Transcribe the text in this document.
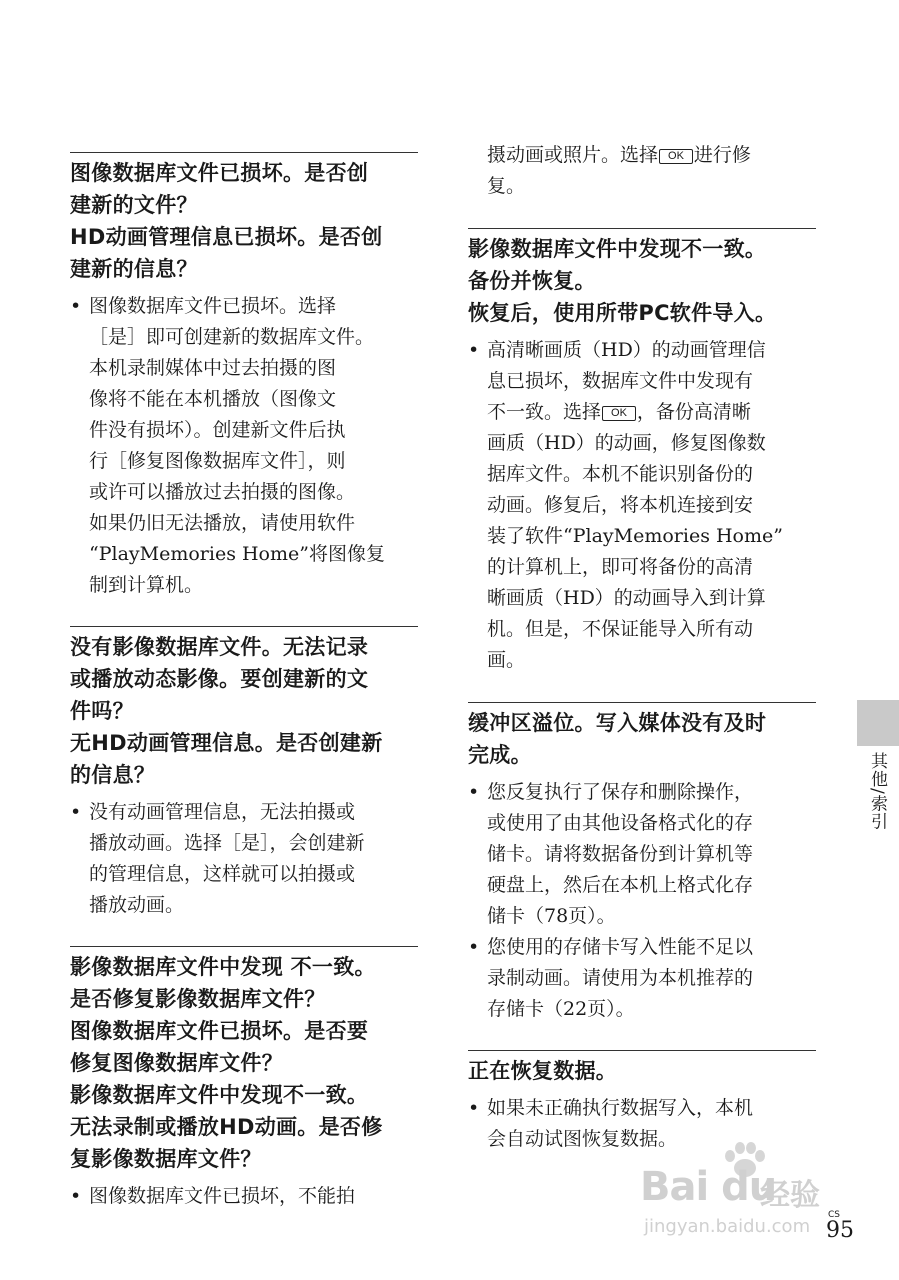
图像数据库文件已损坏。是否创
建新的文件？
HD动画管理信息已损坏。是否创
建新的信息？
• 图像数据库文件已损坏。选择
［是］即可创建新的数据库文件。
本机录制媒体中过去拍摄的图
像将不能在本机播放（图像文
件没有损坏）。创建新文件后执
行［修复图像数据库文件］，则
或许可以播放过去拍摄的图像。
如果仍旧无法播放，请使用软件
“PlayMemories Home”将图像复
制到计算机。
没有影像数据库文件。无法记录
或播放动态影像。要创建新的文
件吗？
无HD动画管理信息。是否创建新
的信息？
• 没有动画管理信息，无法拍摄或
播放动画。选择［是］，会创建新
的管理信息，这样就可以拍摄或
播放动画。
影像数据库文件中发现 不一致。
是否修复影像数据库文件？
图像数据库文件已损坏。是否要
修复图像数据库文件？
影像数据库文件中发现不一致。
无法录制或播放HD动画。是否修
复影像数据库文件？
• 图像数据库文件已损坏，不能拍
摄动画或照片。选择 OK 进行修
复。
影像数据库文件中发现不一致。
备份并恢复。
恢复后，使用所带PC软件导入。
• 高清晰画质（HD）的动画管理信
息已损坏，数据库文件中发现有
不一致。选择 OK ，备份高清晰
画质（HD）的动画，修复图像数
据库文件。本机不能识别备份的
动画。修复后，将本机连接到安
装了软件“PlayMemories Home”
的计算机上，即可将备份的高清
晰画质（HD）的动画导入到计算
机。但是，不保证能导入所有动
画。
缓冲区溢位。写入媒体没有及时
完成。
• 您反复执行了保存和删除操作，
或使用了由其他设备格式化的存
储卡。请将数据备份到计算机等
硬盘上，然后在本机上格式化存
储卡（78页）。
• 您使用的存储卡写入性能不足以
录制动画。请使用为本机推荐的
存储卡（22页）。
正在恢复数据。
• 如果未正确执行数据写入，本机
会自动试图恢复数据。
其他/索引
Bai du
经验
jingyan.baidu.com
CS
95
